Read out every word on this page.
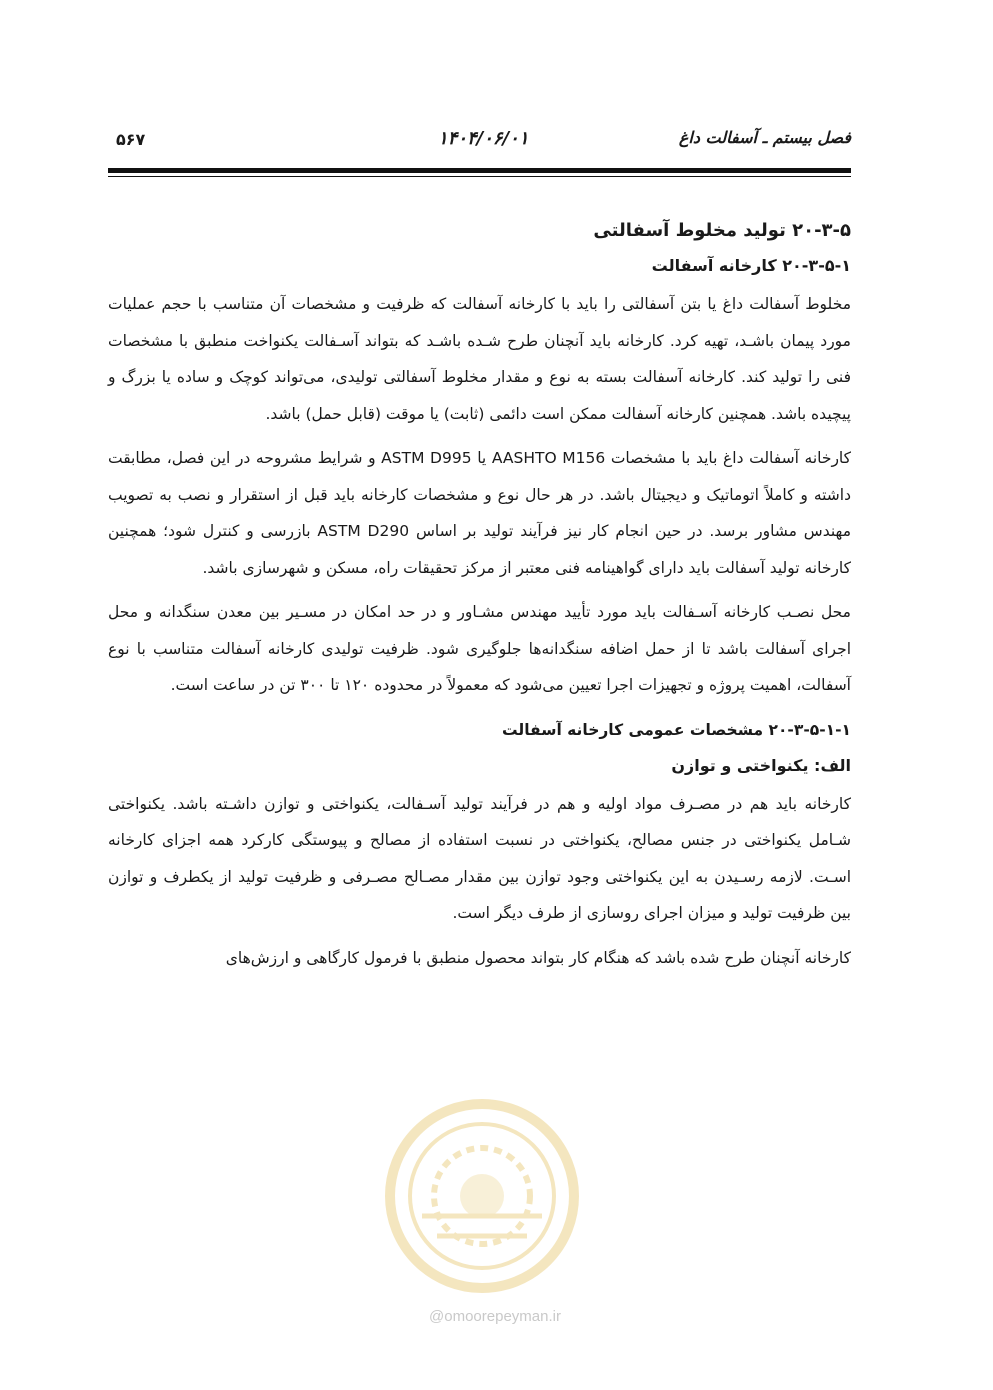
۵۶۷	۱۴۰۴/۰۶/۰۱	فصل بیستم ـ آسفالت داغ
۲۰-۳-۵ تولید مخلوط آسفالتی
۲۰-۳-۵-۱ کارخانه آسفالت

مخلوط آسفالت داغ یا بتن آسفالتی را باید با کارخانه آسفالت که ظرفیت و مشخصات آن متناسب با حجم عملیات مورد پیمان باشـد، تهیه کرد. کارخانه باید آنچنان طرح شـده باشـد که بتواند آسـفالت یکنواخت منطبق با مشخصات فنی را تولید کند. کارخانه آسفالت بسته به نوع و مقدار مخلوط آسفالتی تولیدی، می‌تواند کوچک و ساده یا بزرگ و پیچیده باشد. همچنین کارخانه آسفالت ممکن است دائمی (ثابت) یا موقت (قابل حمل) باشد.

کارخانه آسفالت داغ باید با مشخصات AASHTO M156 یا ASTM D995 و شرایط مشروحه در این فصل، مطابقت داشته و کاملاً اتوماتیک و دیجیتال باشد. در هر حال نوع و مشخصات کارخانه باید قبل از استقرار و نصب به تصویب مهندس مشاور برسد. در حین انجام کار نیز فرآیند تولید بر اساس ASTM D290 بازرسی و کنترل شود؛ همچنین کارخانه تولید آسفالت باید دارای گواهینامه فنی معتبر از مرکز تحقیقات راه، مسکن و شهرسازی باشد.

محل نصـب کارخانه آسـفالت باید مورد تأیید مهندس مشـاور و در حد امکان در مسـیر بین معدن سنگدانه و محل اجرای آسفالت باشد تا از حمل اضافه سنگدانه‌ها جلوگیری شود. ظرفیت تولیدی کارخانه آسفالت متناسب با نوع آسفالت، اهمیت پروژه و تجهیزات اجرا تعیین می‌شود که معمولاً در محدوده ۱۲۰ تا ۳۰۰ تن در ساعت است.

۲۰-۳-۵-۱-۱ مشخصات عمومی کارخانه آسفالت
الف: یکنواختی و توازن

کارخانه باید هم در مصـرف مواد اولیه و هم در فرآیند تولید آسـفالت، یکنواختی و توازن داشـته باشد. یکنواختی شـامل یکنواختی در جنس مصالح، یکنواختی در نسبت استفاده از مصالح و پیوستگی کارکرد همه اجزای کارخانه اسـت. لازمه رسـیدن به این یکنواختی وجود توازن بین مقدار مصـالح مصـرفی و ظرفیت تولید از یکطرف و توازن بین ظرفیت تولید و میزان اجرای روسازی از طرف دیگر است.

کارخانه آنچنان طرح شده باشد که هنگام کار بتواند محصول منطبق با فرمول کارگاهی و ارزش‌های

@omoorepeyman.ir
